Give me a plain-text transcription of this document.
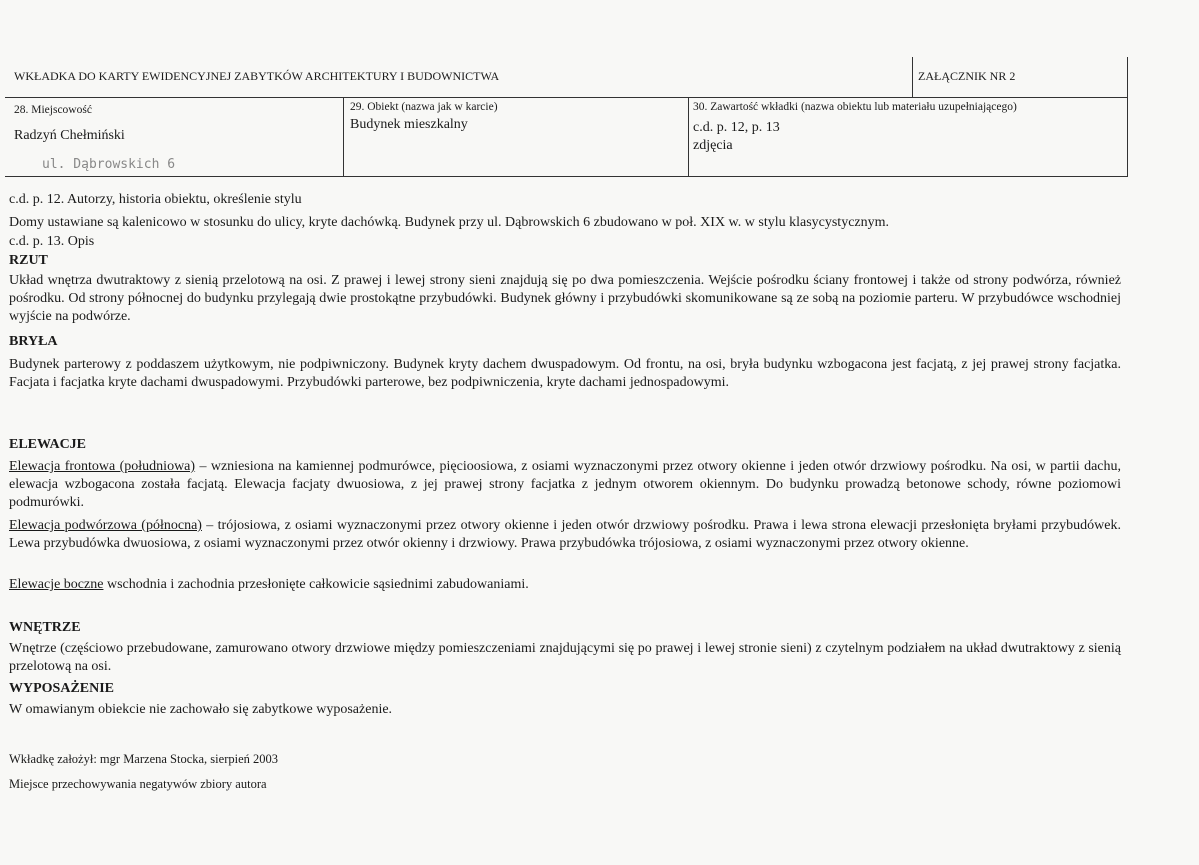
WKŁADKA DO KARTY EWIDENCYJNEJ ZABYTKÓW ARCHITEKTURY I BUDOWNICTWA	ZAŁĄCZNIK NR 2
28. Miejscowość
Radzyń Chełmiński
ul. Dąbrowskich 6
29. Obiekt (nazwa jak w karcie)
Budynek mieszkalny
30. Zawartość wkładki (nazwa obiektu lub materiału uzupełniającego)
c.d. p. 12, p. 13
zdjęcia
c.d. p. 12. Autorzy, historia obiektu, określenie stylu
Domy ustawiane są kalenicowo w stosunku do ulicy, kryte dachówką. Budynek przy ul. Dąbrowskich 6 zbudowano w poł. XIX w. w stylu klasycystycznym.
c.d. p. 13. Opis
RZUT
Układ wnętrza dwutraktowy z sienią przelotową na osi. Z prawej i lewej strony sieni znajdują się po dwa pomieszczenia. Wejście pośrodku ściany frontowej i także od strony podwórza, również pośrodku. Od strony północnej do budynku przylegają dwie prostokątne przybudówki. Budynek główny i przybudówki skomunikowane są ze sobą na poziomie parteru. W przybudówce wschodniej wyjście na podwórze.
BRYŁA
Budynek parterowy z poddaszem użytkowym, nie podpiwniczony. Budynek kryty dachem dwuspadowym. Od frontu, na osi, bryła budynku wzbogacona jest facjatą, z jej prawej strony facjatka. Facjata i facjatka kryte dachami dwuspadowymi. Przybudówki parterowe, bez podpiwniczenia, kryte dachami jednospadowymi.
ELEWACJE
Elewacja frontowa (południowa) – wzniesiona na kamiennej podmurówce, pięcioosiowa, z osiami wyznaczonymi przez otwory okienne i jeden otwór drzwiowy pośrodku. Na osi, w partii dachu, elewacja wzbogacona została facjatą. Elewacja facjaty dwuosiowa, z jej prawej strony facjatka z jednym otworem okiennym. Do budynku prowadzą betonowe schody, równe poziomowi podmurówki.
Elewacja podwórzowa (północna) – trójosiowa, z osiami wyznaczonymi przez otwory okienne i jeden otwór drzwiowy pośrodku. Prawa i lewa strona elewacji przesłonięta bryłami przybudówek. Lewa przybudówka dwuosiowa, z osiami wyznaczonymi przez otwór okienny i drzwiowy. Prawa przybudówka trójosiowa, z osiami wyznaczonymi przez otwory okienne.
Elewacje boczne wschodnia i zachodnia przesłonięte całkowicie sąsiednimi zabudowaniami.
WNĘTRZE
Wnętrze (częściowo przebudowane, zamurowano otwory drzwiowe między pomieszczeniami znajdującymi się po prawej i lewej stronie sieni) z czytelnym podziałem na układ dwutraktowy z sienią przelotową na osi.
WYPOSAŻENIE
W omawianym obiekcie nie zachowało się zabytkowe wyposażenie.
Wkładkę założył: mgr Marzena Stocka, sierpień 2003
Miejsce przechowywania negatywów zbiory autora
